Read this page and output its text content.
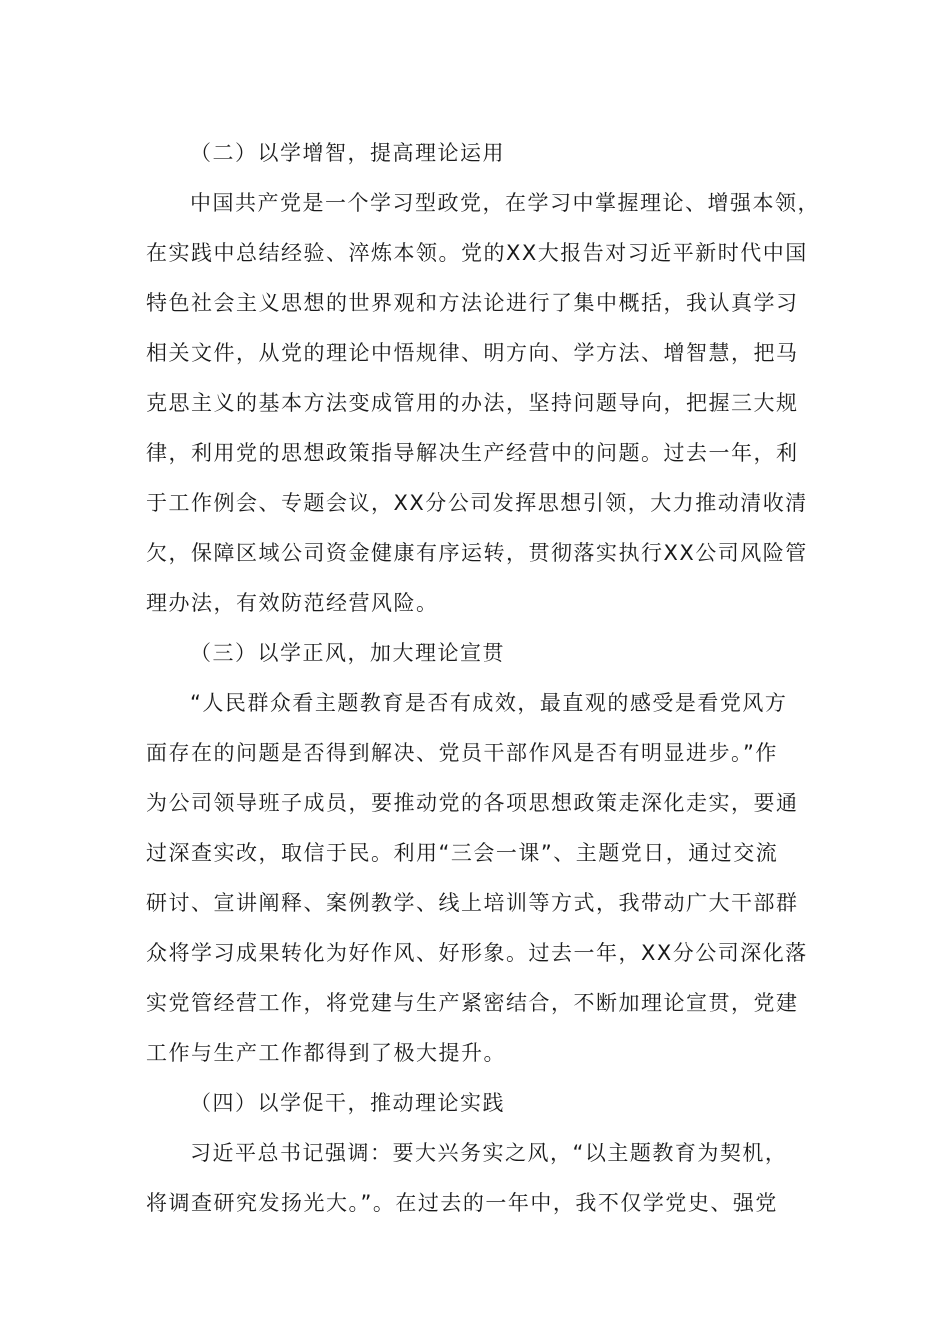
（二）以学增智，提高理论运用
中国共产党是一个学习型政党，在学习中掌握理论、增强本领，
在实践中总结经验、淬炼本领。党的XX大报告对习近平新时代中国
特色社会主义思想的世界观和方法论进行了集中概括，我认真学习
相关文件，从党的理论中悟规律、明方向、学方法、增智慧，把马
克思主义的基本方法变成管用的办法，坚持问题导向，把握三大规
律，利用党的思想政策指导解决生产经营中的问题。过去一年，利
于工作例会、专题会议，XX分公司发挥思想引领，大力推动清收清
欠，保障区域公司资金健康有序运转，贯彻落实执行XX公司风险管
理办法，有效防范经营风险。
（三）以学正风，加大理论宣贯
“人民群众看主题教育是否有成效，最直观的感受是看党风方
面存在的问题是否得到解决、党员干部作风是否有明显进步。”作
为公司领导班子成员，要推动党的各项思想政策走深化走实，要通
过深查实改，取信于民。利用“三会一课”、主题党日，通过交流
研讨、宣讲阐释、案例教学、线上培训等方式，我带动广大干部群
众将学习成果转化为好作风、好形象。过去一年，XX分公司深化落
实党管经营工作，将党建与生产紧密结合，不断加理论宣贯，党建
工作与生产工作都得到了极大提升。
（四）以学促干，推动理论实践
习近平总书记强调：要大兴务实之风，“以主题教育为契机，
将调查研究发扬光大。”。在过去的一年中，我不仅学党史、强党
